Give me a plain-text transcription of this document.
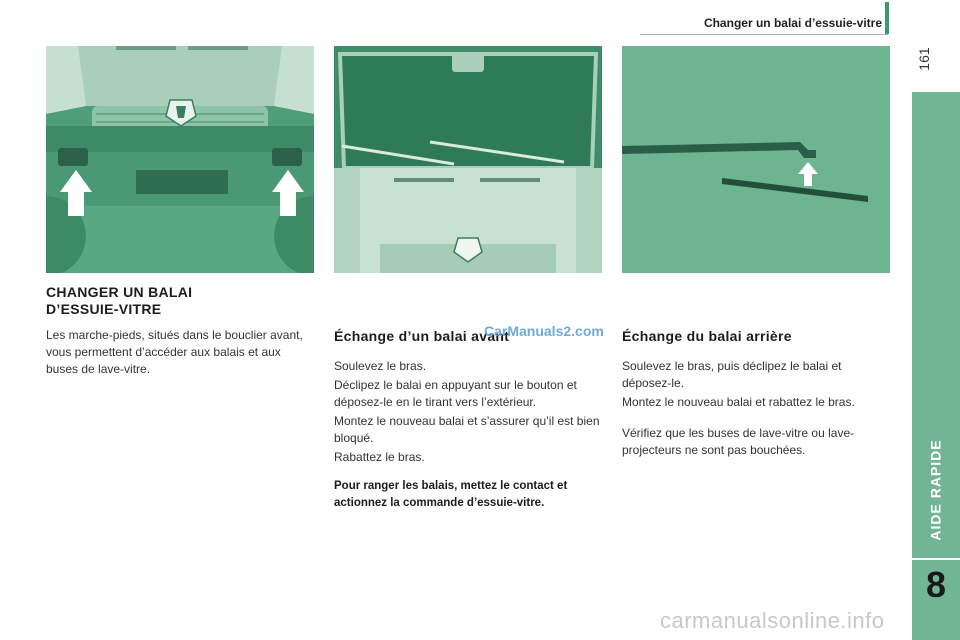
Changer un balai d’essuie-vitre
161
AIDE RAPIDE
8
CHANGER UN BALAI
D’ESSUIE-VITRE

Les marche-pieds, situés dans le bouclier avant, vous permettent d’accéder aux balais et aux buses de lave-vitre.

Échange d’un balai avant
CarManuals2.com

Soulevez le bras.

Déclipez le balai en appuyant sur le bouton et déposez-le en le tirant vers l’extérieur.

Montez le nouveau balai et s’assurer qu’il est bien bloqué.

Rabattez le bras.

Pour ranger les balais, mettez le contact et actionnez la commande d’essuie-vitre.
Échange du balai arrière

Soulevez le bras, puis déclipez le balai et déposez-le.

Montez le nouveau balai et rabattez le bras.

Vérifiez que les buses de lave-vitre ou lave-projecteurs ne sont pas bouchées.

carmanualsonline.info
